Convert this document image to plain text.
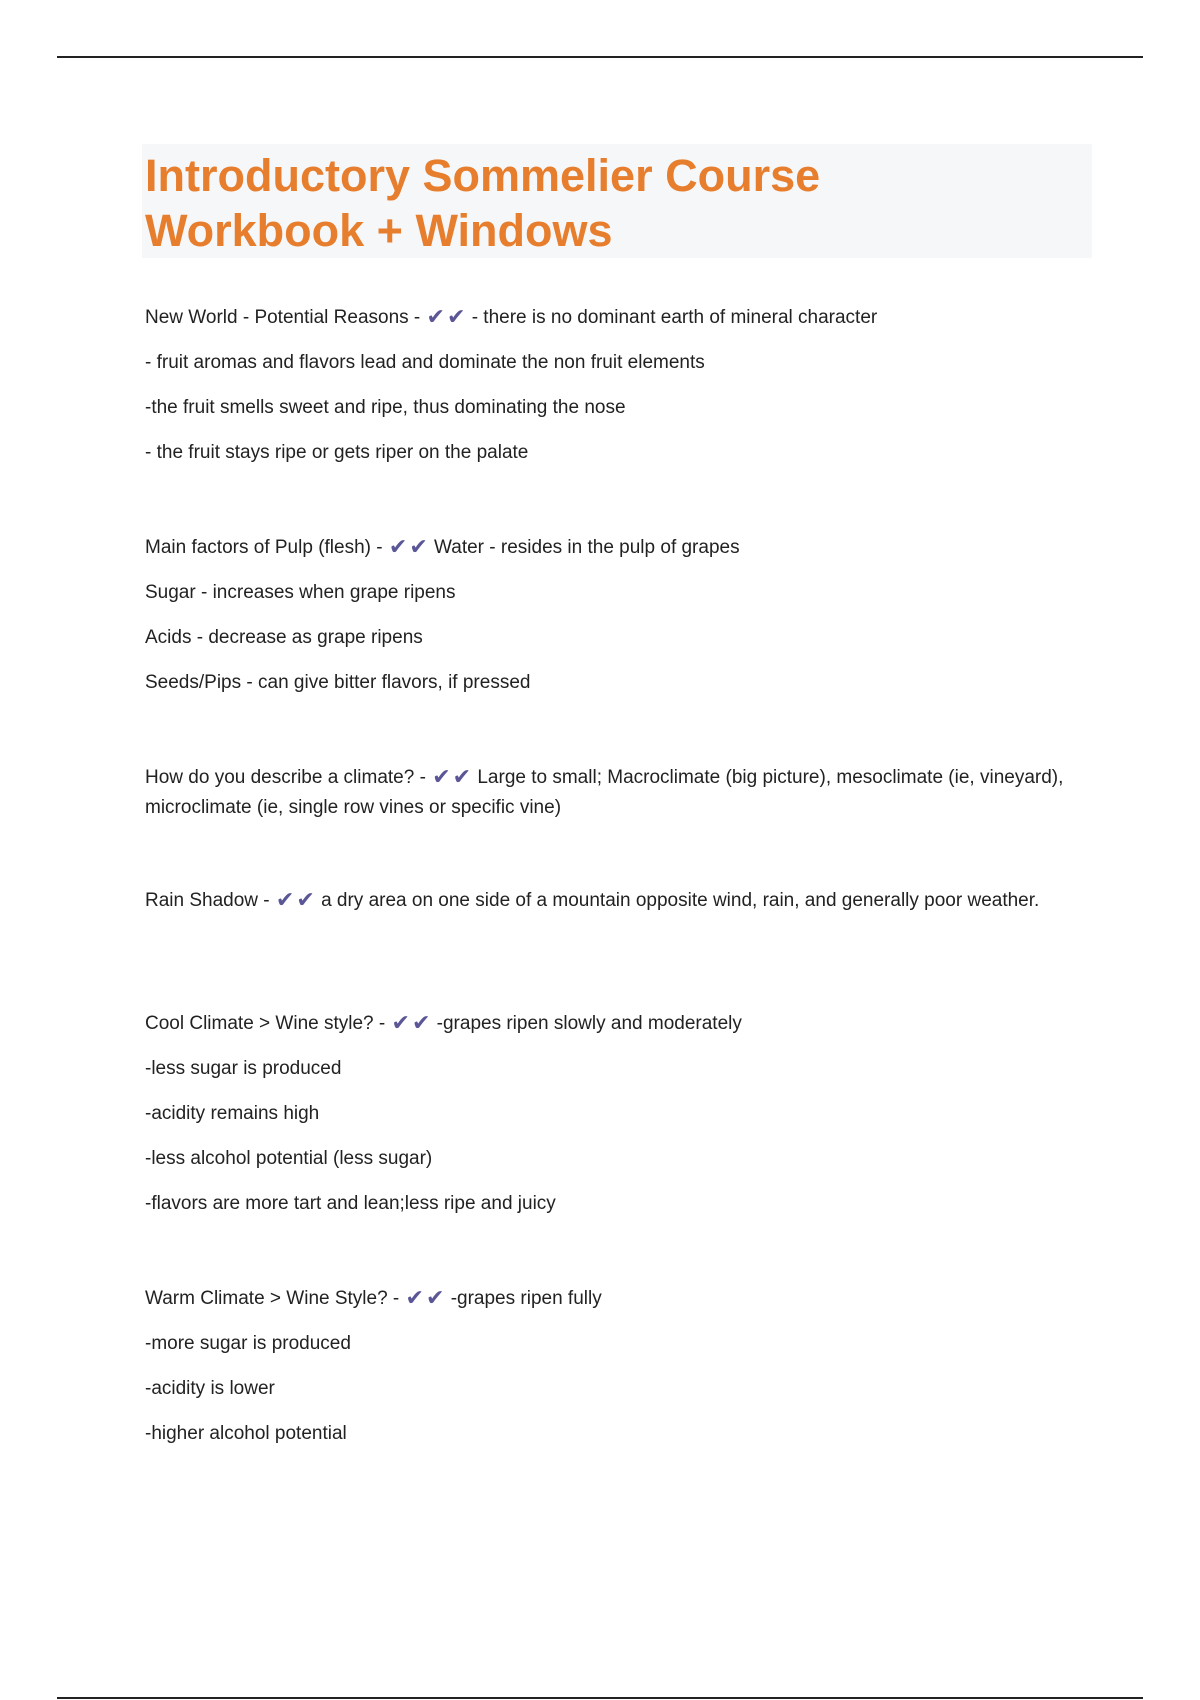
Introductory Sommelier Course
Workbook + Windows
New World - Potential Reasons - ✔✔ - there is no dominant earth of mineral character
- fruit aromas and flavors lead and dominate the non fruit elements
-the fruit smells sweet and ripe, thus dominating the nose
- the fruit stays ripe or gets riper on the palate
Main factors of Pulp (flesh) - ✔✔ Water - resides in the pulp of grapes
Sugar - increases when grape ripens
Acids - decrease as grape ripens
Seeds/Pips - can give bitter flavors, if pressed
How do you describe a climate? - ✔✔ Large to small; Macroclimate (big picture), mesoclimate (ie, vineyard), microclimate (ie, single row vines or specific vine)
Rain Shadow - ✔✔ a dry area on one side of a mountain opposite wind, rain, and generally poor weather.
Cool Climate > Wine style? - ✔✔ -grapes ripen slowly and moderately
-less sugar is produced
-acidity remains high
-less alcohol potential (less sugar)
-flavors are more tart and lean;less ripe and juicy
Warm Climate > Wine Style? - ✔✔ -grapes ripen fully
-more sugar is produced
-acidity is lower
-higher alcohol potential
